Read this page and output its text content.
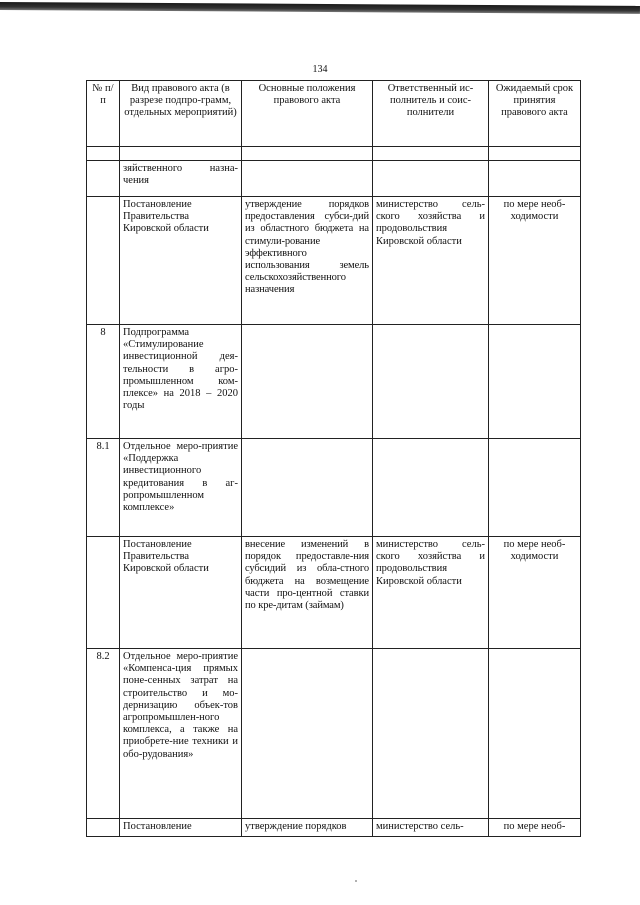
134
№ п/п	Вид правового акта (в разрезе подпро-грамм, отдельных мероприятий)	Основные положения правового акта	Ответственный ис-полнитель и соис-полнители	Ожидаемый срок принятия правового акта

	зяйственного назна-чения			
	Постановление Правительства Кировской области	утверждение порядков предоставления субси-дий из областного бюджета на стимули-рование эффективного использования земель сельскохозяйственного назначения	министерство сель-ского хозяйства и продовольствия Кировской области	по мере необ-ходимости
8	Подпрограмма «Стимулирование инвестиционной дея-тельности в агро-промышленном ком-плексе» на 2018 – 2020 годы			
8.1	Отдельное меро-приятие «Поддержка инвестиционного кредитования в аг-ропромышленном комплексе»			
	Постановление Правительства Кировской области	внесение изменений в порядок предоставле-ния субсидий из обла-стного бюджета на возмещение части про-центной ставки по кре-дитам (займам)	министерство сель-ского хозяйства и продовольствия Кировской области	по мере необ-ходимости
8.2	Отдельное меро-приятие «Компенса-ция прямых поне-сенных затрат на строительство и мо-дернизацию объек-тов агропромышлен-ного комплекса, а также на приобрете-ние техники и обо-рудования»			
	Постановление	утверждение порядков	министерство сель-	по мере необ-
